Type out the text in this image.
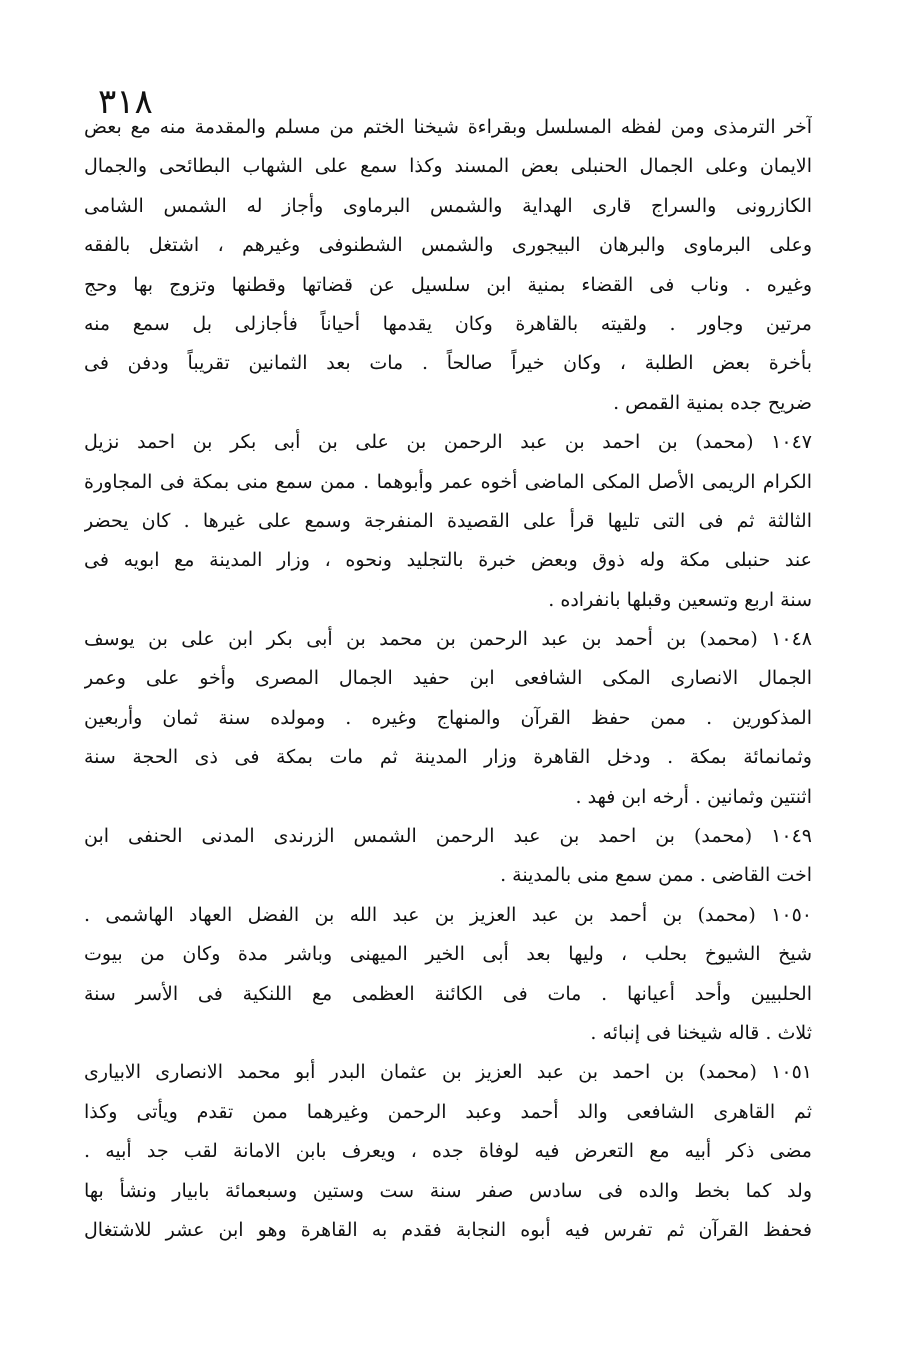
٣١٨
آخر الترمذى ومن لفظه المسلسل وبقراءة شيخنا الختم من مسلم والمقدمة منه مع بعض
الايمان وعلى الجمال الحنبلى بعض المسند وكذا سمع على الشهاب البطائحى والجمال
الكازرونى والسراج قارى الهداية والشمس البرماوى وأجاز له الشمس الشامى
وعلى البرماوى والبرهان البيجورى والشمس الشطنوفى وغيرهم ، اشتغل بالفقه
وغيره . وناب فى القضاء بمنية ابن سلسيل عن قضاتها وقطنها وتزوج بها وحج
مرتين وجاور . ولقيته بالقاهرة وكان يقدمها أحياناً فأجازلى بل سمع منه
بأخرة بعض الطلبة ، وكان خيراً صالحاً . مات بعد الثمانين تقريباً ودفن فى
ضريح جده بمنية القمص .
١٠٤٧ (محمد) بن احمد بن عبد الرحمن بن على بن أبى بكر بن احمد نزيل
الكرام الريمى الأصل المكى الماضى أخوه عمر وأبوهما . ممن سمع منى بمكة فى المجاورة
الثالثة ثم فى التى تليها قرأ على القصيدة المنفرجة وسمع على غيرها . كان يحضر
عند حنبلى مكة وله ذوق وبعض خبرة بالتجليد ونحوه ، وزار المدينة مع ابويه فى
سنة اربع وتسعين وقبلها بانفراده .
١٠٤٨ (محمد) بن أحمد بن عبد الرحمن بن محمد بن أبى بكر ابن على بن يوسف
الجمال الانصارى المكى الشافعى ابن حفيد الجمال المصرى وأخو على وعمر
المذكورين . ممن حفظ القرآن والمنهاج وغيره . ومولده سنة ثمان وأربعين
وثمانمائة بمكة . ودخل القاهرة وزار المدينة ثم مات بمكة فى ذى الحجة سنة
اثنتين وثمانين . أرخه ابن فهد .
١٠٤٩ (محمد) بن احمد بن عبد الرحمن الشمس الزرندى المدنى الحنفى ابن
اخت القاضى . ممن سمع منى بالمدينة .
١٠٥٠ (محمد) بن أحمد بن عبد العزيز بن عبد الله بن الفضل العهاد الهاشمى .
شيخ الشيوخ بحلب ، وليها بعد أبى الخير الميهنى وباشر مدة وكان من بيوت
الحلبيين وأحد أعيانها . مات فى الكائنة العظمى مع اللنكية فى الأسر سنة
ثلاث . قاله شيخنا فى إنبائه .
١٠٥١ (محمد) بن احمد بن عبد العزيز بن عثمان البدر أبو محمد الانصارى الابيارى
ثم القاهرى الشافعى والد أحمد وعبد الرحمن وغيرهما ممن تقدم ويأتى وكذا
مضى ذكر أبيه مع التعرض فيه لوفاة جده ، ويعرف بابن الامانة لقب جد أبيه .
ولد كما بخط والده فى سادس صفر سنة ست وستين وسبعمائة بابيار ونشأ بها
فحفظ القرآن ثم تفرس فيه أبوه النجابة فقدم به القاهرة وهو ابن عشر للاشتغال
